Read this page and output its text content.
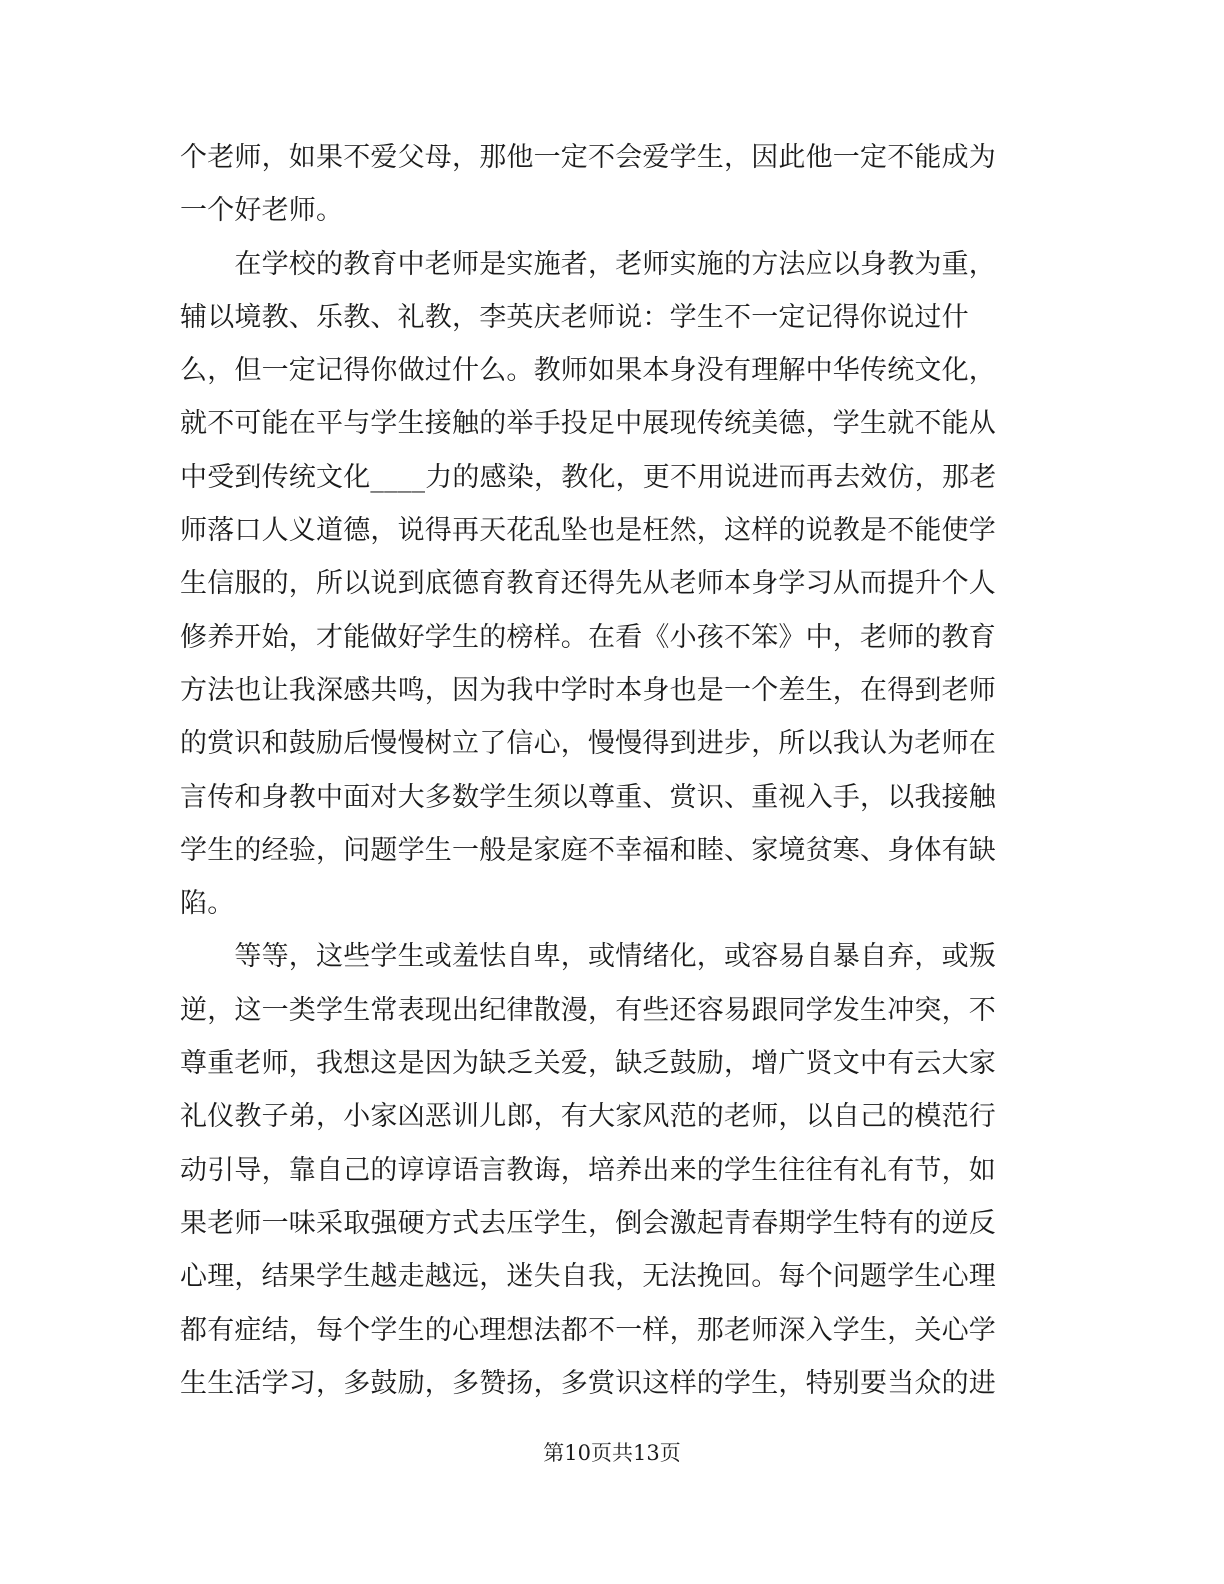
个老师，如果不爱父母，那他一定不会爱学生，因此他一定不能成为
一个好老师。
　　在学校的教育中老师是实施者，老师实施的方法应以身教为重，
辅以境教、乐教、礼教，李英庆老师说：学生不一定记得你说过什
么，但一定记得你做过什么。教师如果本身没有理解中华传统文化，
就不可能在平与学生接触的举手投足中展现传统美德，学生就不能从
中受到传统文化____力的感染，教化，更不用说进而再去效仿，那老
师落口人义道德，说得再天花乱坠也是枉然，这样的说教是不能使学
生信服的，所以说到底德育教育还得先从老师本身学习从而提升个人
修养开始，才能做好学生的榜样。在看《小孩不笨》中，老师的教育
方法也让我深感共鸣，因为我中学时本身也是一个差生，在得到老师
的赏识和鼓励后慢慢树立了信心，慢慢得到进步，所以我认为老师在
言传和身教中面对大多数学生须以尊重、赏识、重视入手，以我接触
学生的经验，问题学生一般是家庭不幸福和睦、家境贫寒、身体有缺
陷。
　　等等，这些学生或羞怯自卑，或情绪化，或容易自暴自弃，或叛
逆，这一类学生常表现出纪律散漫，有些还容易跟同学发生冲突，不
尊重老师，我想这是因为缺乏关爱，缺乏鼓励，增广贤文中有云大家
礼仪教子弟，小家凶恶训儿郎，有大家风范的老师，以自己的模范行
动引导，靠自己的谆谆语言教诲，培养出来的学生往往有礼有节，如
果老师一味采取强硬方式去压学生，倒会激起青春期学生特有的逆反
心理，结果学生越走越远，迷失自我，无法挽回。每个问题学生心理
都有症结，每个学生的心理想法都不一样，那老师深入学生，关心学
生生活学习，多鼓励，多赞扬，多赏识这样的学生，特别要当众的进
第10页共13页
